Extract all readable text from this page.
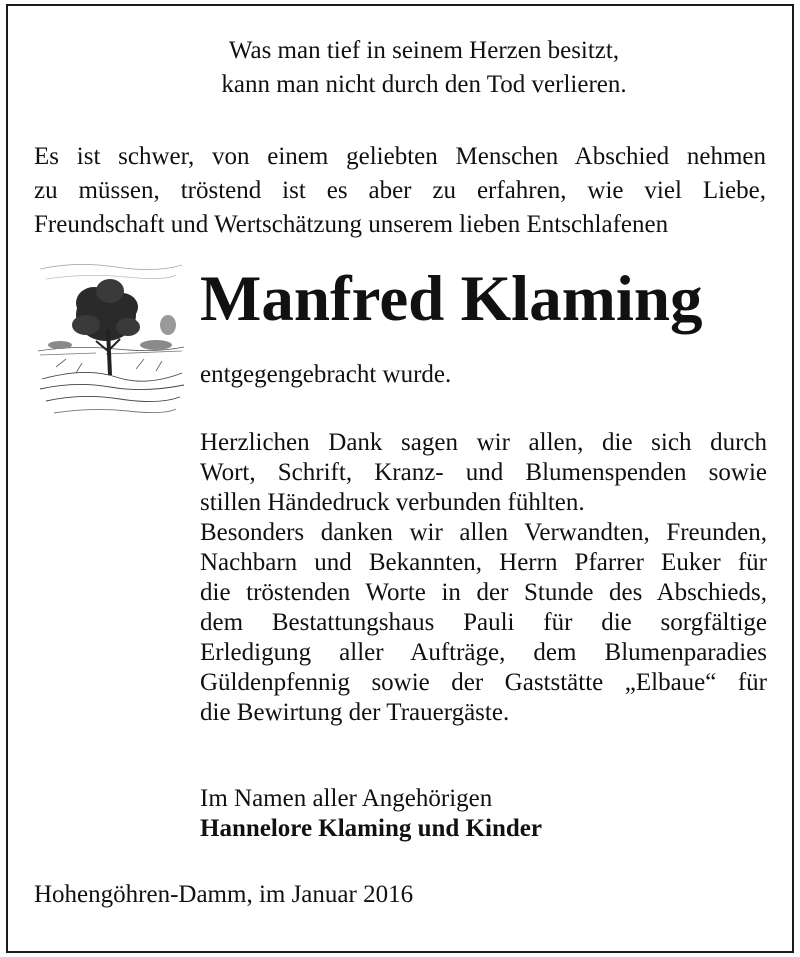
Was man tief in seinem Herzen besitzt,
kann man nicht durch den Tod verlieren.
Es ist schwer, von einem geliebten Menschen Abschied nehmen
zu müssen, tröstend ist es aber zu erfahren, wie viel Liebe,
Freundschaft und Wertschätzung unserem lieben Entschlafenen
Manfred Klaming
entgegengebracht wurde.
Herzlichen Dank sagen wir allen, die sich durch
Wort, Schrift, Kranz- und Blumenspenden sowie
stillen Händedruck verbunden fühlten.
Besonders danken wir allen Verwandten, Freunden,
Nachbarn und Bekannten, Herrn Pfarrer Euker für
die tröstenden Worte in der Stunde des Abschieds,
dem Bestattungshaus Pauli für die sorgfältige
Erledigung aller Aufträge, dem Blumenparadies
Güldenpfennig sowie der Gaststätte „Elbaue“ für
die Bewirtung der Trauergäste.
Im Namen aller Angehörigen
Hannelore Klaming und Kinder
Hohengöhren-Damm, im Januar 2016
